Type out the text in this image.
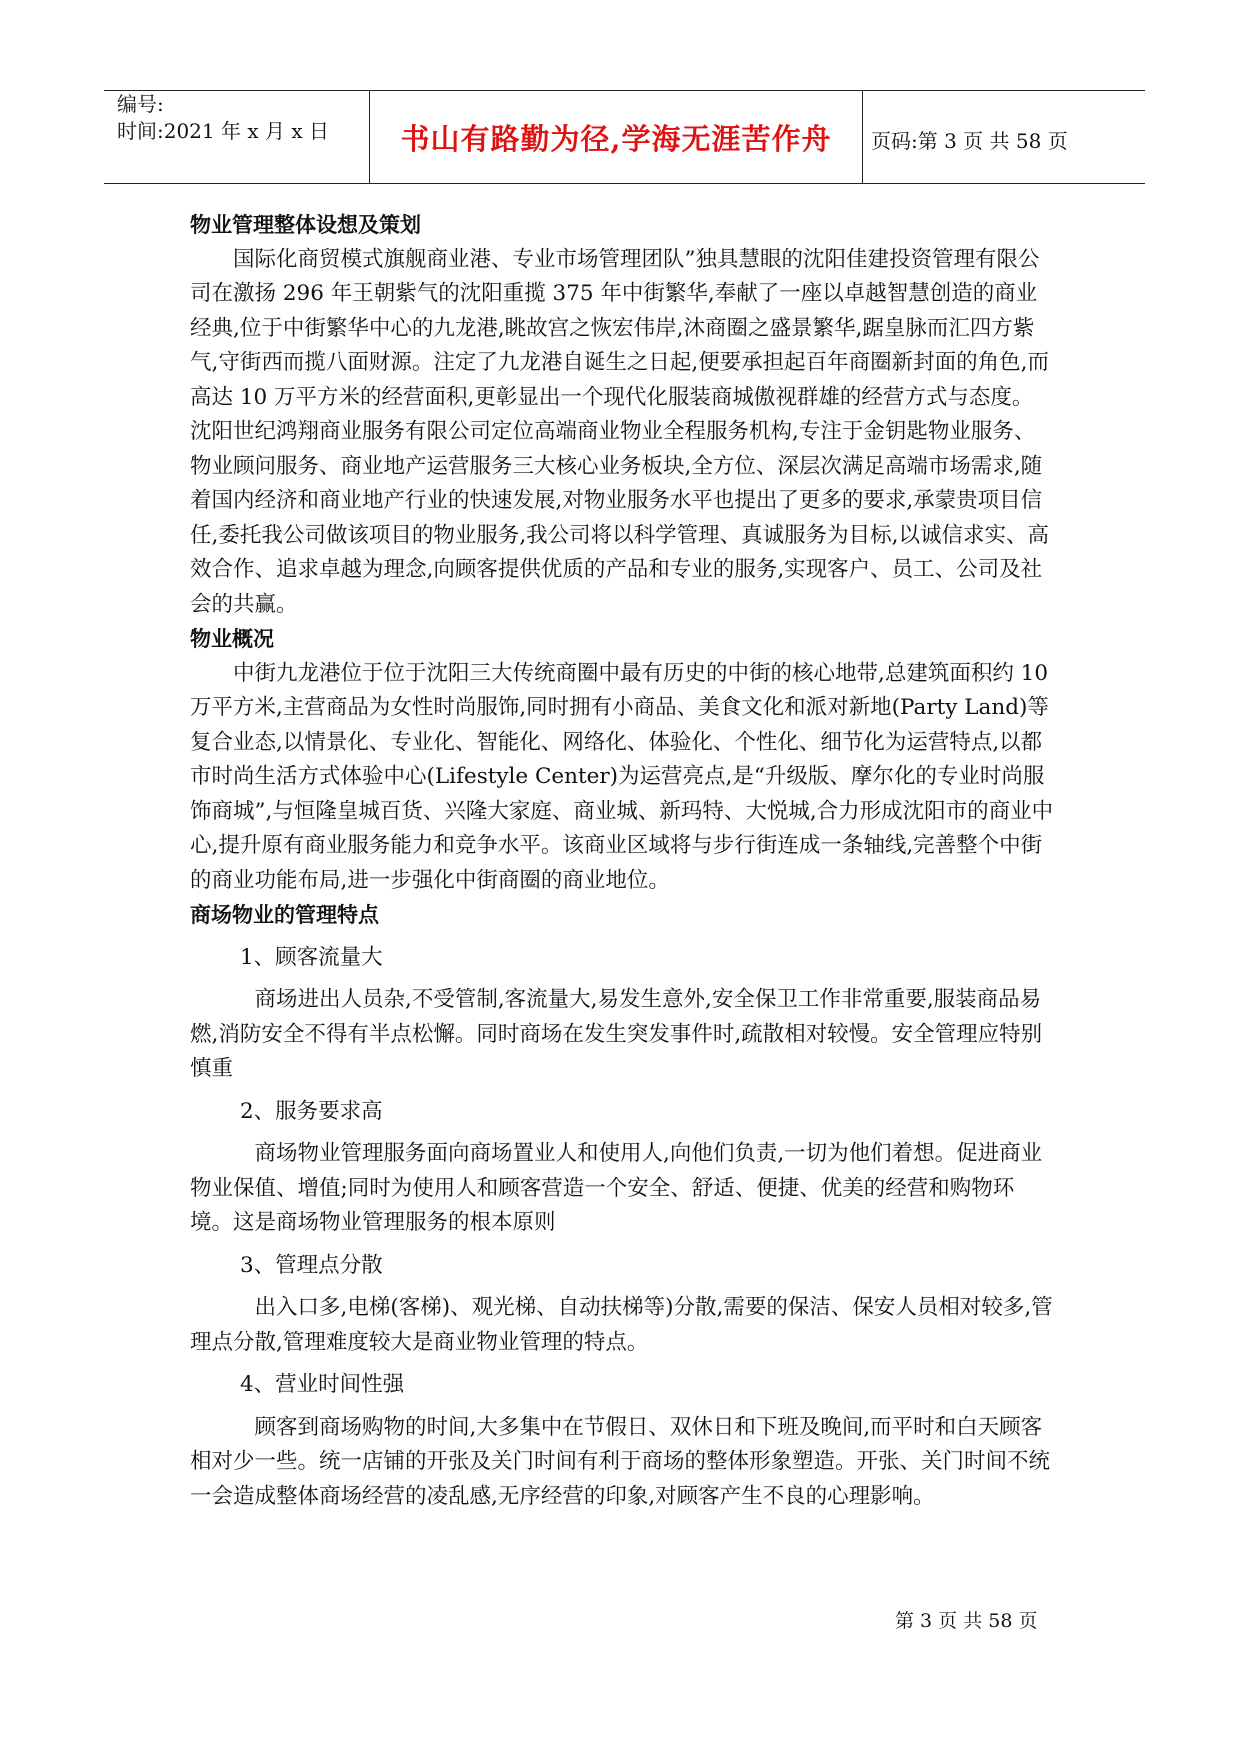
编号:
时间:2021 年 x 月 x 日	书山有路勤为径,学海无涯苦作舟	页码:第 3 页 共 58 页

物业管理整体设想及策划

国际化商贸模式旗舰商业港、专业市场管理团队”独具慧眼的沈阳佳建投资管理有限公司在激扬 296 年王朝紫气的沈阳重揽 375 年中街繁华,奉献了一座以卓越智慧创造的商业经典,位于中街繁华中心的九龙港,眺故宫之恢宏伟岸,沐商圈之盛景繁华,踞皇脉而汇四方紫气,守街西而揽八面财源。注定了九龙港自诞生之日起,便要承担起百年商圈新封面的角色,而高达 10 万平方米的经营面积,更彰显出一个现代化服装商城傲视群雄的经营方式与态度。

沈阳世纪鸿翔商业服务有限公司定位高端商业物业全程服务机构,专注于金钥匙物业服务、物业顾问服务、商业地产运营服务三大核心业务板块,全方位、深层次满足高端市场需求,随着国内经济和商业地产行业的快速发展,对物业服务水平也提出了更多的要求,承蒙贵项目信任,委托我公司做该项目的物业服务,我公司将以科学管理、真诚服务为目标,以诚信求实、高效合作、追求卓越为理念,向顾客提供优质的产品和专业的服务,实现客户、员工、公司及社会的共赢。

物业概况

中街九龙港位于位于沈阳三大传统商圈中最有历史的中街的核心地带,总建筑面积约 10 万平方米,主营商品为女性时尚服饰,同时拥有小商品、美食文化和派对新地(Party Land)等复合业态,以情景化、专业化、智能化、网络化、体验化、个性化、细节化为运营特点,以都市时尚生活方式体验中心(Lifestyle Center)为运营亮点,是“升级版、摩尔化的专业时尚服饰商城”,与恒隆皇城百货、兴隆大家庭、商业城、新玛特、大悦城,合力形成沈阳市的商业中心,提升原有商业服务能力和竞争水平。该商业区域将与步行街连成一条轴线,完善整个中街的商业功能布局,进一步强化中街商圈的商业地位。

商场物业的管理特点

1、顾客流量大

商场进出人员杂,不受管制,客流量大,易发生意外,安全保卫工作非常重要,服装商品易燃,消防安全不得有半点松懈。同时商场在发生突发事件时,疏散相对较慢。安全管理应特别慎重

2、服务要求高

商场物业管理服务面向商场置业人和使用人,向他们负责,一切为他们着想。促进商业物业保值、增值;同时为使用人和顾客营造一个安全、舒适、便捷、优美的经营和购物环境。这是商场物业管理服务的根本原则

3、管理点分散

出入口多,电梯(客梯)、观光梯、自动扶梯等)分散,需要的保洁、保安人员相对较多,管理点分散,管理难度较大是商业物业管理的特点。

4、营业时间性强

顾客到商场购物的时间,大多集中在节假日、双休日和下班及晚间,而平时和白天顾客相对少一些。统一店铺的开张及关门时间有利于商场的整体形象塑造。开张、关门时间不统一会造成整体商场经营的凌乱感,无序经营的印象,对顾客产生不良的心理影响。

第 3 页 共 58 页
